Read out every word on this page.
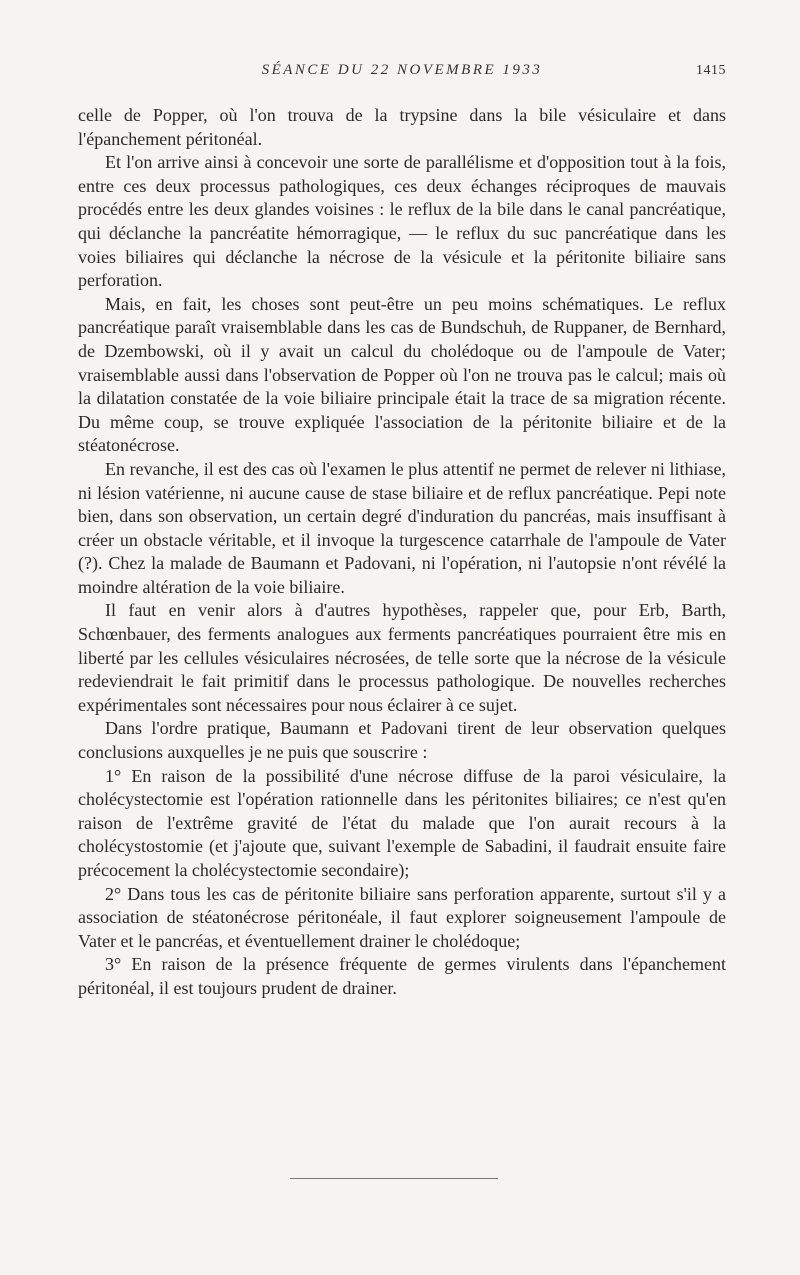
SÉANCE DU 22 NOVEMBRE 1933	1415

celle de Popper, où l'on trouva de la trypsine dans la bile vésiculaire et dans l'épanchement péritonéal.

Et l'on arrive ainsi à concevoir une sorte de parallélisme et d'opposition tout à la fois, entre ces deux processus pathologiques, ces deux échanges réciproques de mauvais procédés entre les deux glandes voisines : le reflux de la bile dans le canal pancréatique, qui déclanche la pancréatite hémorragique, — le reflux du suc pancréatique dans les voies biliaires qui déclanche la nécrose de la vésicule et la péritonite biliaire sans perforation.

Mais, en fait, les choses sont peut-être un peu moins schématiques. Le reflux pancréatique paraît vraisemblable dans les cas de Bundschuh, de Ruppaner, de Bernhard, de Dzembowski, où il y avait un calcul du cholédoque ou de l'ampoule de Vater; vraisemblable aussi dans l'observation de Popper où l'on ne trouva pas le calcul; mais où la dilatation constatée de la voie biliaire principale était la trace de sa migration récente. Du même coup, se trouve expliquée l'association de la péritonite biliaire et de la stéatonécrose.

En revanche, il est des cas où l'examen le plus attentif ne permet de relever ni lithiase, ni lésion vatérienne, ni aucune cause de stase biliaire et de reflux pancréatique. Pepi note bien, dans son observation, un certain degré d'induration du pancréas, mais insuffisant à créer un obstacle véritable, et il invoque la turgescence catarrhale de l'ampoule de Vater (?). Chez la malade de Baumann et Padovani, ni l'opération, ni l'autopsie n'ont révélé la moindre altération de la voie biliaire.

Il faut en venir alors à d'autres hypothèses, rappeler que, pour Erb, Barth, Schœnbauer, des ferments analogues aux ferments pancréatiques pourraient être mis en liberté par les cellules vésiculaires nécrosées, de telle sorte que la nécrose de la vésicule redeviendrait le fait primitif dans le processus pathologique. De nouvelles recherches expérimentales sont nécessaires pour nous éclairer à ce sujet.

Dans l'ordre pratique, Baumann et Padovani tirent de leur observation quelques conclusions auxquelles je ne puis que souscrire :

1° En raison de la possibilité d'une nécrose diffuse de la paroi vésiculaire, la cholécystectomie est l'opération rationnelle dans les péritonites biliaires; ce n'est qu'en raison de l'extrême gravité de l'état du malade que l'on aurait recours à la cholécystostomie (et j'ajoute que, suivant l'exemple de Sabadini, il faudrait ensuite faire précocement la cholécystectomie secondaire);

2° Dans tous les cas de péritonite biliaire sans perforation apparente, surtout s'il y a association de stéatonécrose péritonéale, il faut explorer soigneusement l'ampoule de Vater et le pancréas, et éventuellement drainer le cholédoque;

3° En raison de la présence fréquente de germes virulents dans l'épanchement péritonéal, il est toujours prudent de drainer.
